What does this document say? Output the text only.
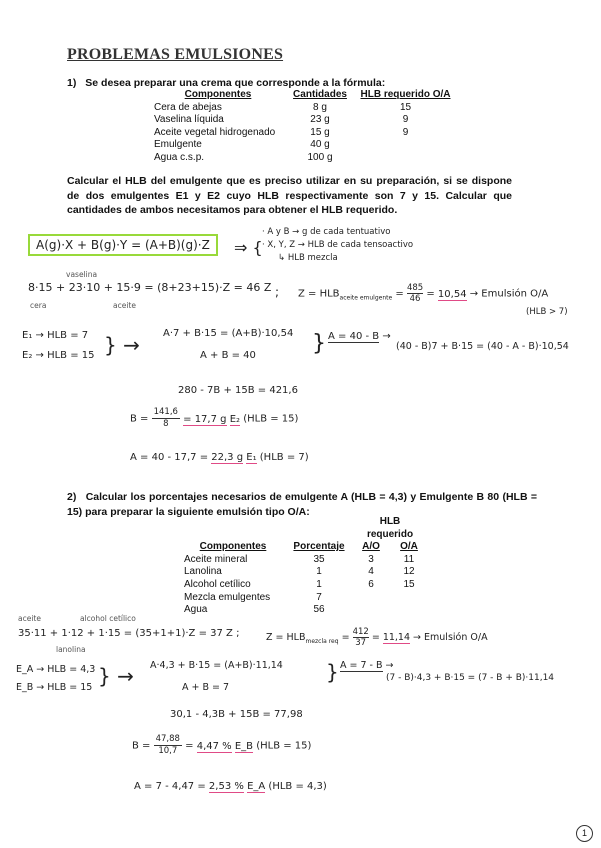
PROBLEMAS EMULSIONES
1) Se desea preparar una crema que corresponde a la fórmula:
Componentes	Cantidades	HLB requerido O/A
Cera de abejas	8 g	15
Vaselina líquida	23 g	9
Aceite vegetal hidrogenado	15 g	9
Emulgente	40 g	
Agua c.s.p.	100 g	
Calcular el HLB del emulgente que es preciso utilizar en su preparación, si se dispone de dos emulgentes E1 y E2 cuyo HLB respectivamente son 7 y 15. Calcular que cantidades de ambos necesitamos para obtener el HLB requerido.
A(g)·X + B(g)·Y = (A+B)(g)·Z	⇒ {
· A y B → g de cada tentuativo
· X, Y, Z → HLB de cada tensoactivo
↳ HLB mezcla
vaselina
8·15 + 23·10 + 15·9 = (8+23+15)·Z = 46 Z
cera	aceite
; $Z = HLB_{aceite emulgente} = \frac{485}{46} = 10,54$ → Emulsión O/A
(HLB > 7)
E₁ → HLB = 7
E₂ → HLB = 15 } → A·7 + B·15 = (A+B)·10,54
A + B = 40	} A = 40 - B →
(40 - B)7 + B·15 = (40 - A - B)·10,54
280 - 7B + 15B = 421,6
$B = \frac{141,6}{8} = 17,7$ g E₂ (HLB = 15)
A = 40 - 17,7 = 22,3 g E₁ (HLB = 7)
2) Calcular los porcentajes necesarios de emulgente A (HLB = 4,3) y Emulgente B 80 (HLB = 15) para preparar la siguiente emulsión tipo O/A:
Componentes	Porcentaje	HLB requerido	
		A/O	O/A
Aceite mineral	35	3	11
Lanolina	1	4	12
Alcohol cetílico	1	6	15
Mezcla emulgentes	7		
Agua	56		
aceite	alcohol cetílico
35·11 + 1·12 + 1·15 = (35+1+1)·Z = 37 Z ;
lanolina
$Z = HLB_{mezcla req} = \frac{412}{37} = 11,14$ → Emulsión O/A
E_A → HLB = 4,3
E_B → HLB = 15 } → A·4,3 + B·15 = (A+B)·11,14
A + B = 7
} A = 7 - B →
(7 - B)·4,3 + B·15 = (7 - B + B)·11,14
30,1 - 4,3B + 15B = 77,98
$B = \frac{47,88}{10,7} = 4,47$ % E_B (HLB = 15)
A = 7 - 4,47 = 2,53 % E_A (HLB = 4,3)
1
